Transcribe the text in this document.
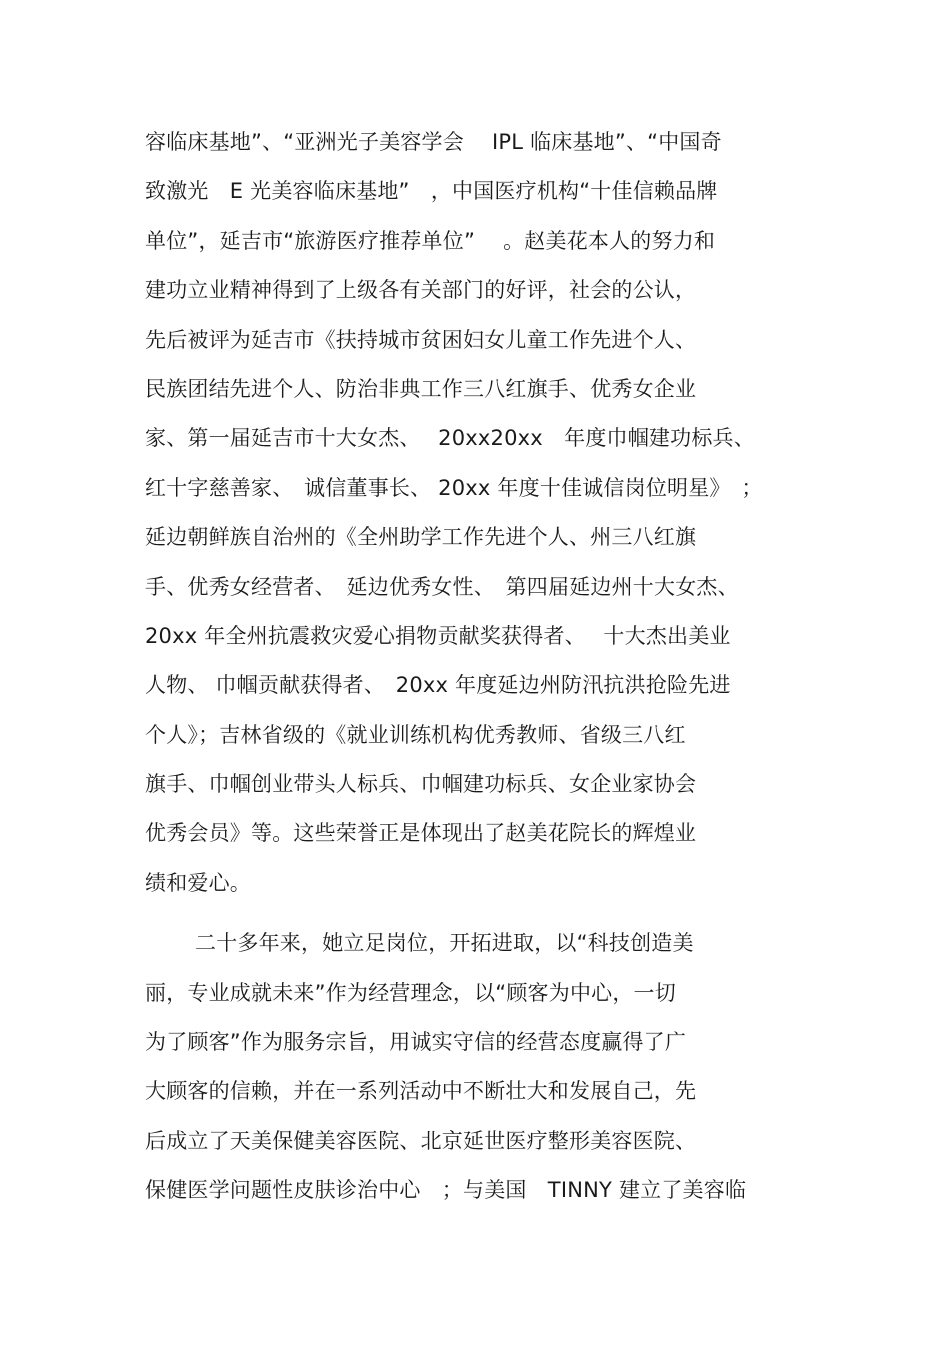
容临床基地”、“亚洲光子美容学会　 IPL 临床基地”、“中国奇
致激光　E 光美容临床基地”　，中国医疗机构“十佳信赖品牌
单位”，延吉市“旅游医疗推荐单位”　 。赵美花本人的努力和
建功立业精神得到了上级各有关部门的好评，社会的公认，
先后被评为延吉市《扶持城市贫困妇女儿童工作先进个人、
民族团结先进个人、防治非典工作三八红旗手、优秀女企业
家、第一届延吉市十大女杰、　 20xx20xx　年度巾帼建功标兵、
红十字慈善家、　诚信董事长、 20xx 年度十佳诚信岗位明星》　；
延边朝鲜族自治州的《全州助学工作先进个人、州三八红旗
手、优秀女经营者、　延边优秀女性、　第四届延边州十大女杰、
20xx 年全州抗震救灾爱心捐物贡献奖获得者、　 十大杰出美业
人物、 巾帼贡献获得者、　20xx 年度延边州防汛抗洪抢险先进
个人》；吉林省级的《就业训练机构优秀教师、省级三八红
旗手、巾帼创业带头人标兵、巾帼建功标兵、女企业家协会
优秀会员》等。这些荣誉正是体现出了赵美花院长的辉煌业
绩和爱心。
二十多年来，她立足岗位，开拓进取，以“科技创造美
丽，专业成就未来”作为经营理念，以“顾客为中心，一切
为了顾客”作为服务宗旨，用诚实守信的经营态度赢得了广
大顾客的信赖，并在一系列活动中不断壮大和发展自己，先
后成立了天美保健美容医院、北京延世医疗整形美容医院、
保健医学问题性皮肤诊治中心　；与美国　TINNY 建立了美容临
